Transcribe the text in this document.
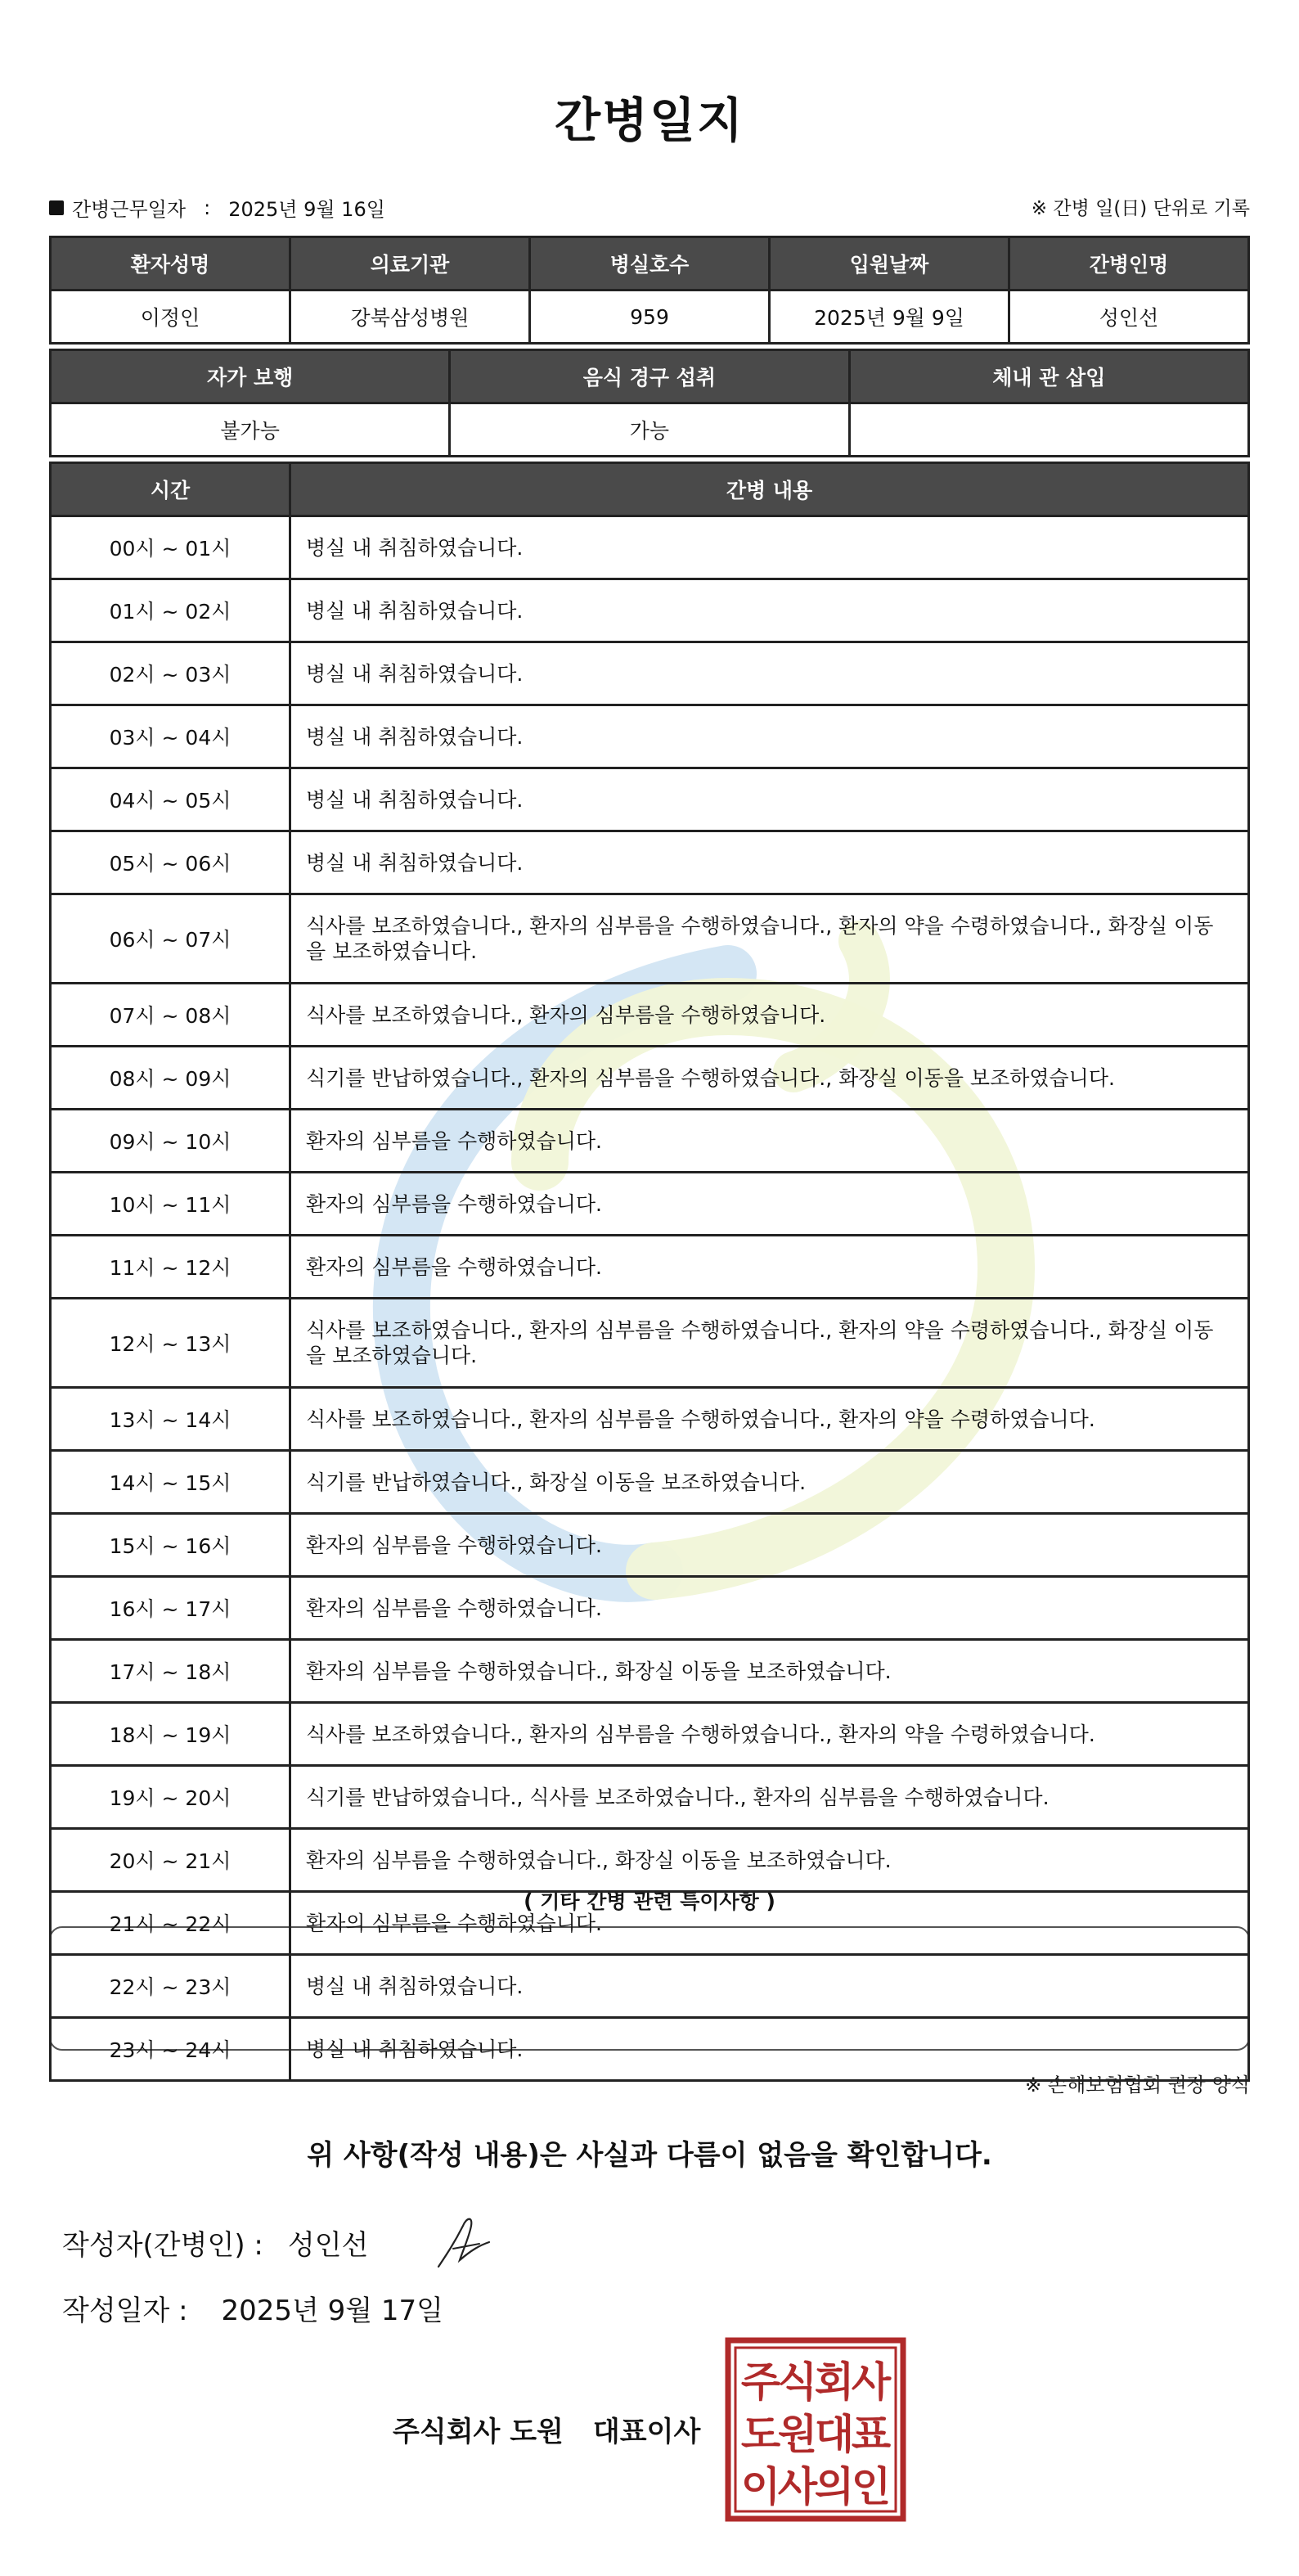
간병일지
간병근무일자 : 2025년 9월 16일	※ 간병 일(日) 단위로 기록
환자성명	의료기관	병실호수	입원날짜	간병인명
이정인	강북삼성병원	959	2025년 9월 9일	성인선
자가 보행	음식 경구 섭취	체내 관 삽입
불가능	가능	
시간	간병 내용
00시 ~ 01시	병실 내 취침하였습니다.
01시 ~ 02시	병실 내 취침하였습니다.
02시 ~ 03시	병실 내 취침하였습니다.
03시 ~ 04시	병실 내 취침하였습니다.
04시 ~ 05시	병실 내 취침하였습니다.
05시 ~ 06시	병실 내 취침하였습니다.
06시 ~ 07시	식사를 보조하였습니다., 환자의 심부름을 수행하였습니다., 환자의 약을 수령하였습니다., 화장실 이동을 보조하였습니다.
07시 ~ 08시	식사를 보조하였습니다., 환자의 심부름을 수행하였습니다.
08시 ~ 09시	식기를 반납하였습니다., 환자의 심부름을 수행하였습니다., 화장실 이동을 보조하였습니다.
09시 ~ 10시	환자의 심부름을 수행하였습니다.
10시 ~ 11시	환자의 심부름을 수행하였습니다.
11시 ~ 12시	환자의 심부름을 수행하였습니다.
12시 ~ 13시	식사를 보조하였습니다., 환자의 심부름을 수행하였습니다., 환자의 약을 수령하였습니다., 화장실 이동을 보조하였습니다.
13시 ~ 14시	식사를 보조하였습니다., 환자의 심부름을 수행하였습니다., 환자의 약을 수령하였습니다.
14시 ~ 15시	식기를 반납하였습니다., 화장실 이동을 보조하였습니다.
15시 ~ 16시	환자의 심부름을 수행하였습니다.
16시 ~ 17시	환자의 심부름을 수행하였습니다.
17시 ~ 18시	환자의 심부름을 수행하였습니다., 화장실 이동을 보조하였습니다.
18시 ~ 19시	식사를 보조하였습니다., 환자의 심부름을 수행하였습니다., 환자의 약을 수령하였습니다.
19시 ~ 20시	식기를 반납하였습니다., 식사를 보조하였습니다., 환자의 심부름을 수행하였습니다.
20시 ~ 21시	환자의 심부름을 수행하였습니다., 화장실 이동을 보조하였습니다.
21시 ~ 22시	환자의 심부름을 수행하였습니다.
22시 ~ 23시	병실 내 취침하였습니다.
23시 ~ 24시	병실 내 취침하였습니다.
( 기타 간병 관련 특이사항 )
※ 손해보험협회 권장 양식
위 사항(작성 내용)은 사실과 다름이 없음을 확인합니다.
작성자(간병인) : 성인선
작성일자 : 2025년 9월 17일
주식회사 도원 대표이사
주
식
회
사
도
원
대
표
이
사
의
인
